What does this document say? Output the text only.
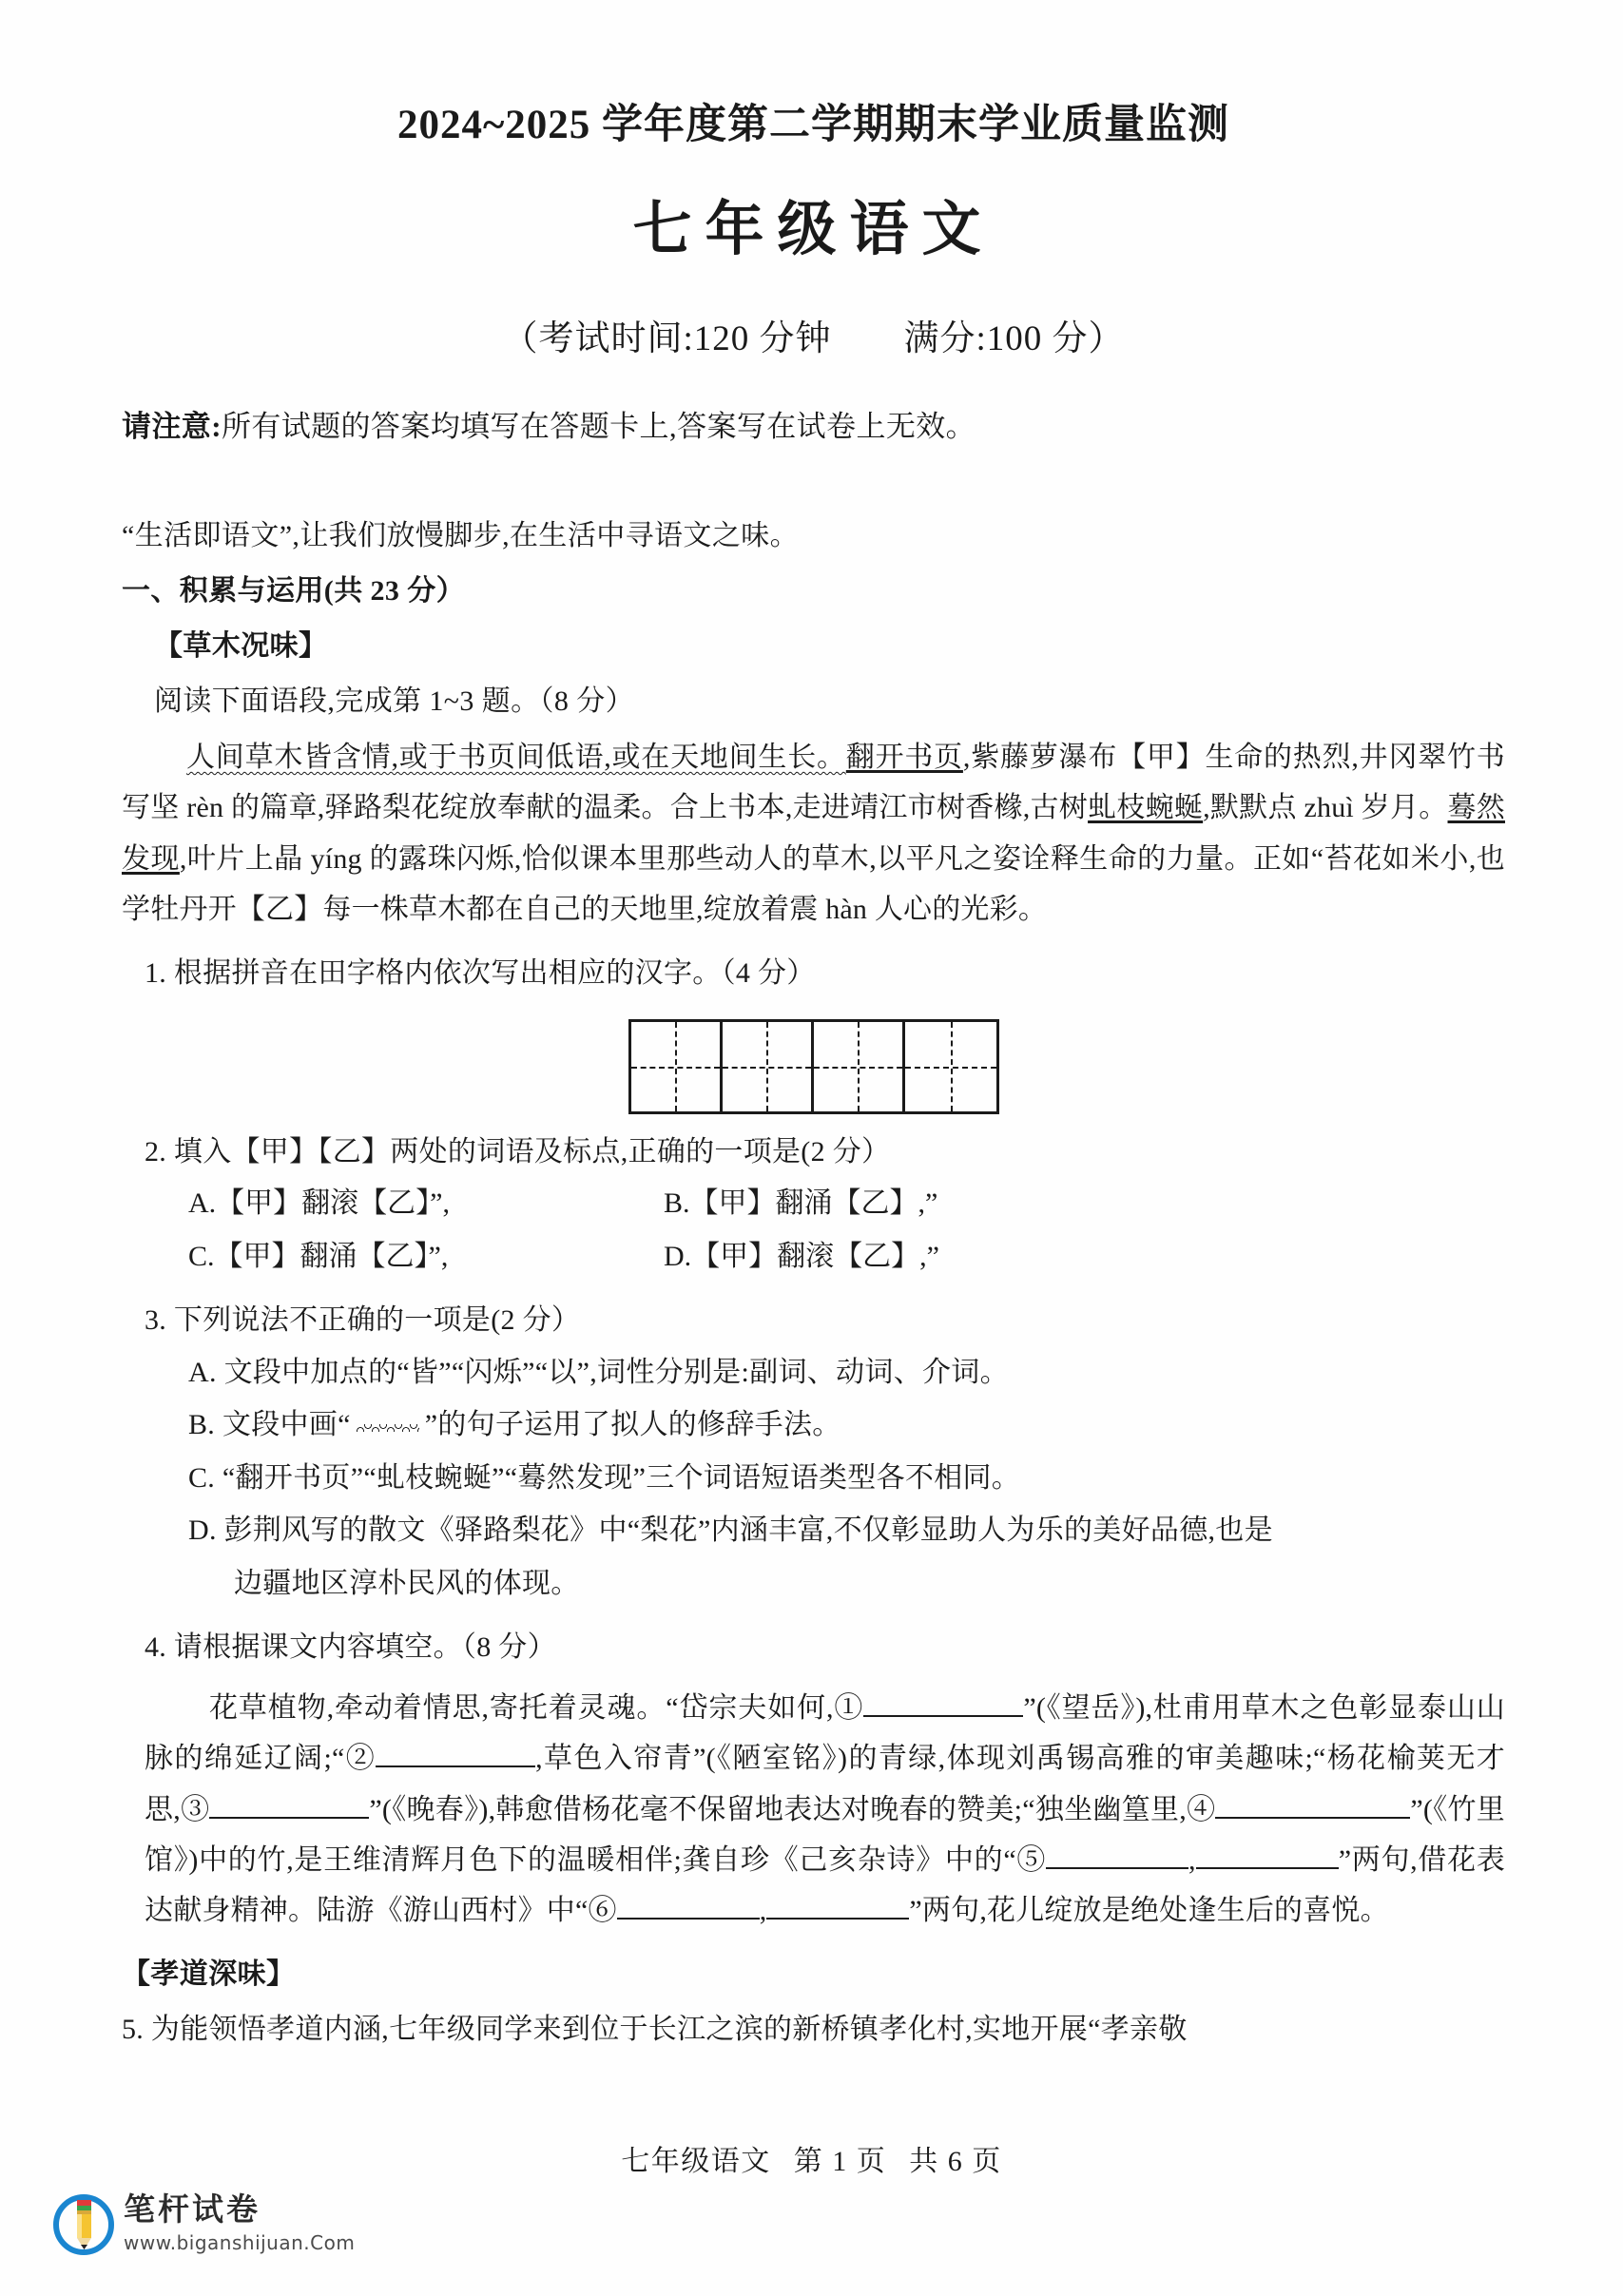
2024~2025 学年度第二学期期末学业质量监测
七年级语文
（考试时间:120 分钟　　满分:100 分）
请注意:所有试题的答案均填写在答题卡上,答案写在试卷上无效。
“生活即语文”,让我们放慢脚步,在生活中寻语文之味。
一、积累与运用(共 23 分）
【草木况味】
阅读下面语段,完成第 1~3 题。（8 分）
人间草木皆含情,或于书页间低语,或在天地间生长。翻开书页,紫藤萝瀑布【甲】生命的热烈,井冈翠竹书写坚 rèn 的篇章,驿路梨花绽放奉献的温柔。合上书本,走进靖江市树香橼,古树虬枝蜿蜒,默默点 zhuì 岁月。蓦然发现,叶片上晶 yíng 的露珠闪烁,恰似课本里那些动人的草木,以平凡之姿诠释生命的力量。正如“苔花如米小,也学牡丹开【乙】每一株草木都在自己的天地里,绽放着震 hàn 人心的光彩。
1. 根据拼音在田字格内依次写出相应的汉字。（4 分）
2. 填入【甲】【乙】两处的词语及标点,正确的一项是(2 分）
A.【甲】翻滚【乙】”,	B.【甲】翻涌【乙】,”
C.【甲】翻涌【乙】”,	D.【甲】翻滚【乙】,”
3. 下列说法不正确的一项是(2 分）
A. 文段中加点的“皆”“闪烁”“以”,词性分别是:副词、动词、介词。
B. 文段中画“	”的句子运用了拟人的修辞手法。
C. “翻开书页”“虬枝蜿蜒”“蓦然发现”三个词语短语类型各不相同。
D. 彭荆风写的散文《驿路梨花》中“梨花”内涵丰富,不仅彰显助人为乐的美好品德,也是
边疆地区淳朴民风的体现。
4. 请根据课文内容填空。（8 分）
花草植物,牵动着情思,寄托着灵魂。“岱宗夫如何,①	”(《望岳》),杜甫用草木之色彰显泰山山脉的绵延辽阔;“②	,草色入帘青”(《陋室铭》)的青绿,体现刘禹锡高雅的审美趣味;“杨花榆荚无才思,③	”(《晚春》),韩愈借杨花毫不保留地表达对晚春的赞美;“独坐幽篁里,④	”(《竹里馆》)中的竹,是王维清辉月色下的温暖相伴;龚自珍《己亥杂诗》中的“⑤	,	”两句,借花表达献身精神。陆游《游山西村》中“⑥	,	”两句,花儿绽放是绝处逢生后的喜悦。
【孝道深味】
5. 为能领悟孝道内涵,七年级同学来到位于长江之滨的新桥镇孝化村,实地开展“孝亲敬
七年级语文 第 1 页 共 6 页
笔杆试卷
www.biganshijuan.Com
